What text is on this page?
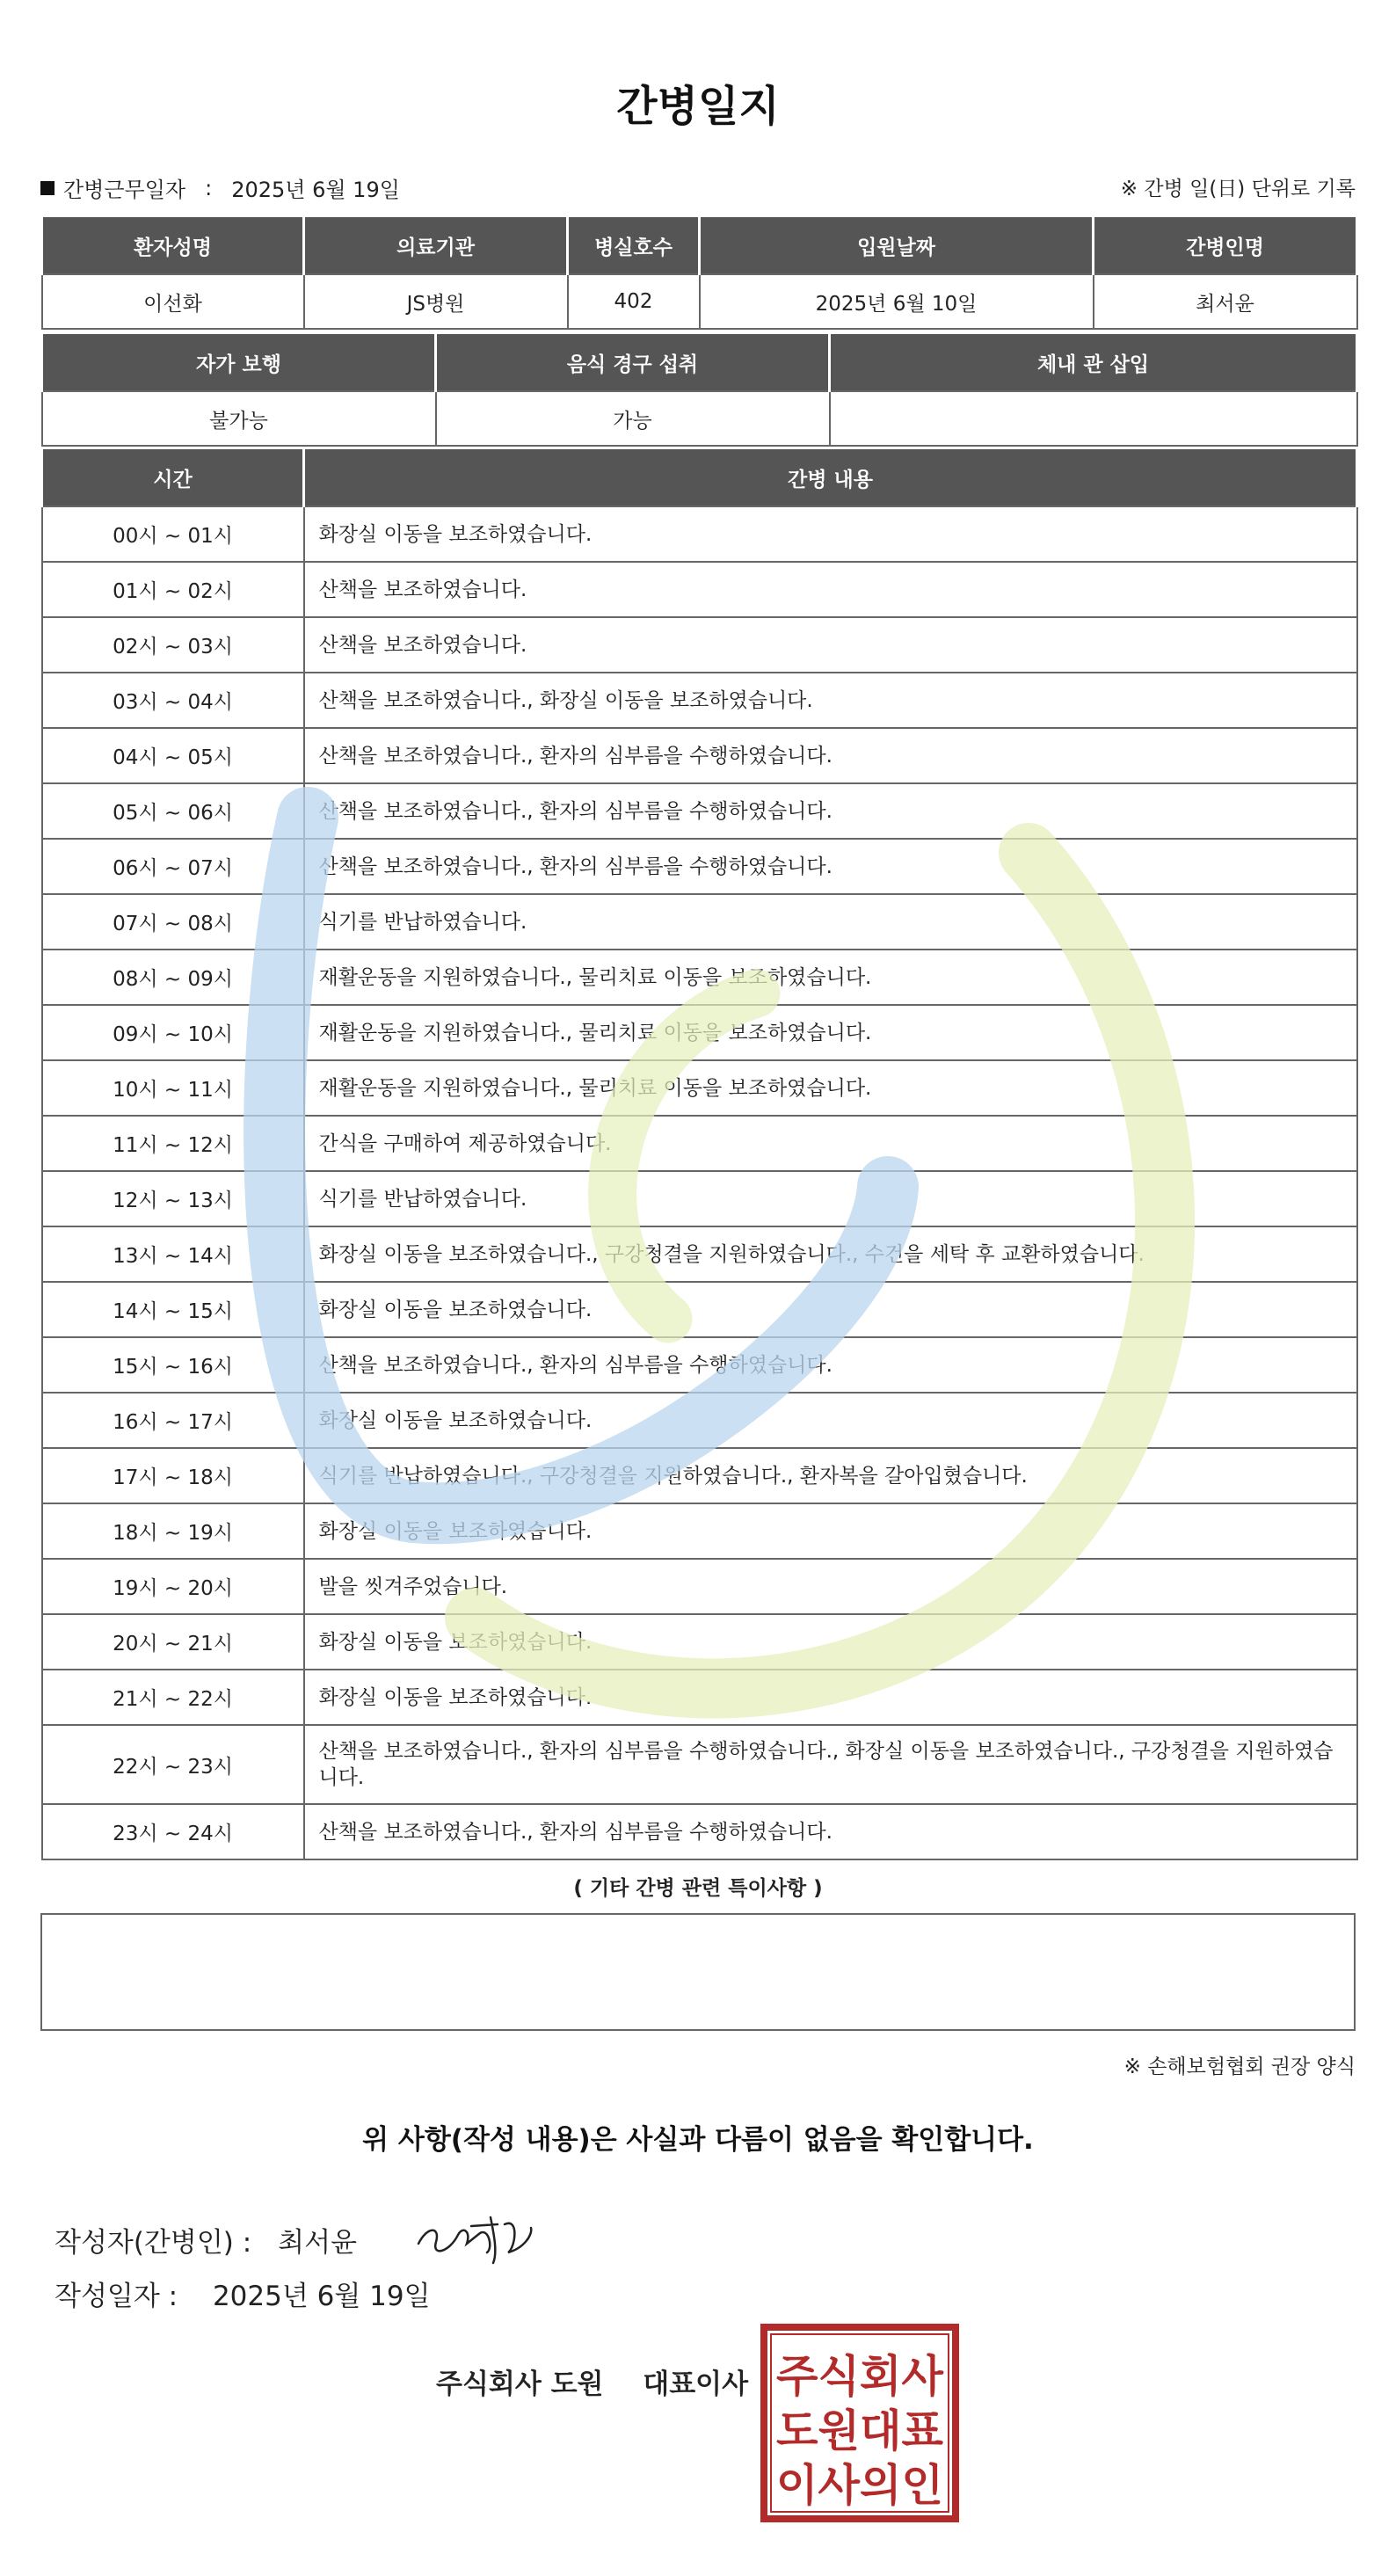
간병일지
간병근무일자 : 2025년 6월 19일	※ 간병 일(日) 단위로 기록
환자성명	의료기관	병실호수	입원날짜	간병인명
이선화	JS병원	402	2025년 6월 10일	최서윤
자가 보행	음식 경구 섭취	체내 관 삽입
불가능	가능	
시간	간병 내용
00시 ~ 01시	화장실 이동을 보조하였습니다.
01시 ~ 02시	산책을 보조하였습니다.
02시 ~ 03시	산책을 보조하였습니다.
03시 ~ 04시	산책을 보조하였습니다., 화장실 이동을 보조하였습니다.
04시 ~ 05시	산책을 보조하였습니다., 환자의 심부름을 수행하였습니다.
05시 ~ 06시	산책을 보조하였습니다., 환자의 심부름을 수행하였습니다.
06시 ~ 07시	산책을 보조하였습니다., 환자의 심부름을 수행하였습니다.
07시 ~ 08시	식기를 반납하였습니다.
08시 ~ 09시	재활운동을 지원하였습니다., 물리치료 이동을 보조하였습니다.
09시 ~ 10시	재활운동을 지원하였습니다., 물리치료 이동을 보조하였습니다.
10시 ~ 11시	재활운동을 지원하였습니다., 물리치료 이동을 보조하였습니다.
11시 ~ 12시	간식을 구매하여 제공하였습니다.
12시 ~ 13시	식기를 반납하였습니다.
13시 ~ 14시	화장실 이동을 보조하였습니다., 구강청결을 지원하였습니다., 수건을 세탁 후 교환하였습니다.
14시 ~ 15시	화장실 이동을 보조하였습니다.
15시 ~ 16시	산책을 보조하였습니다., 환자의 심부름을 수행하였습니다.
16시 ~ 17시	화장실 이동을 보조하였습니다.
17시 ~ 18시	식기를 반납하였습니다., 구강청결을 지원하였습니다., 환자복을 갈아입혔습니다.
18시 ~ 19시	화장실 이동을 보조하였습니다.
19시 ~ 20시	발을 씻겨주었습니다.
20시 ~ 21시	화장실 이동을 보조하였습니다.
21시 ~ 22시	화장실 이동을 보조하였습니다.
22시 ~ 23시	산책을 보조하였습니다., 환자의 심부름을 수행하였습니다., 화장실 이동을 보조하였습니다., 구강청결을 지원하였습니다.
23시 ~ 24시	산책을 보조하였습니다., 환자의 심부름을 수행하였습니다.
( 기타 간병 관련 특이사항 )
※ 손해보험협회 권장 양식
위 사항(작성 내용)은 사실과 다름이 없음을 확인합니다.
작성자(간병인) : 최서윤
작성일자 : 2025년 6월 19일
주식회사 도원 대표이사 주식회사
도원대표
이사의인
